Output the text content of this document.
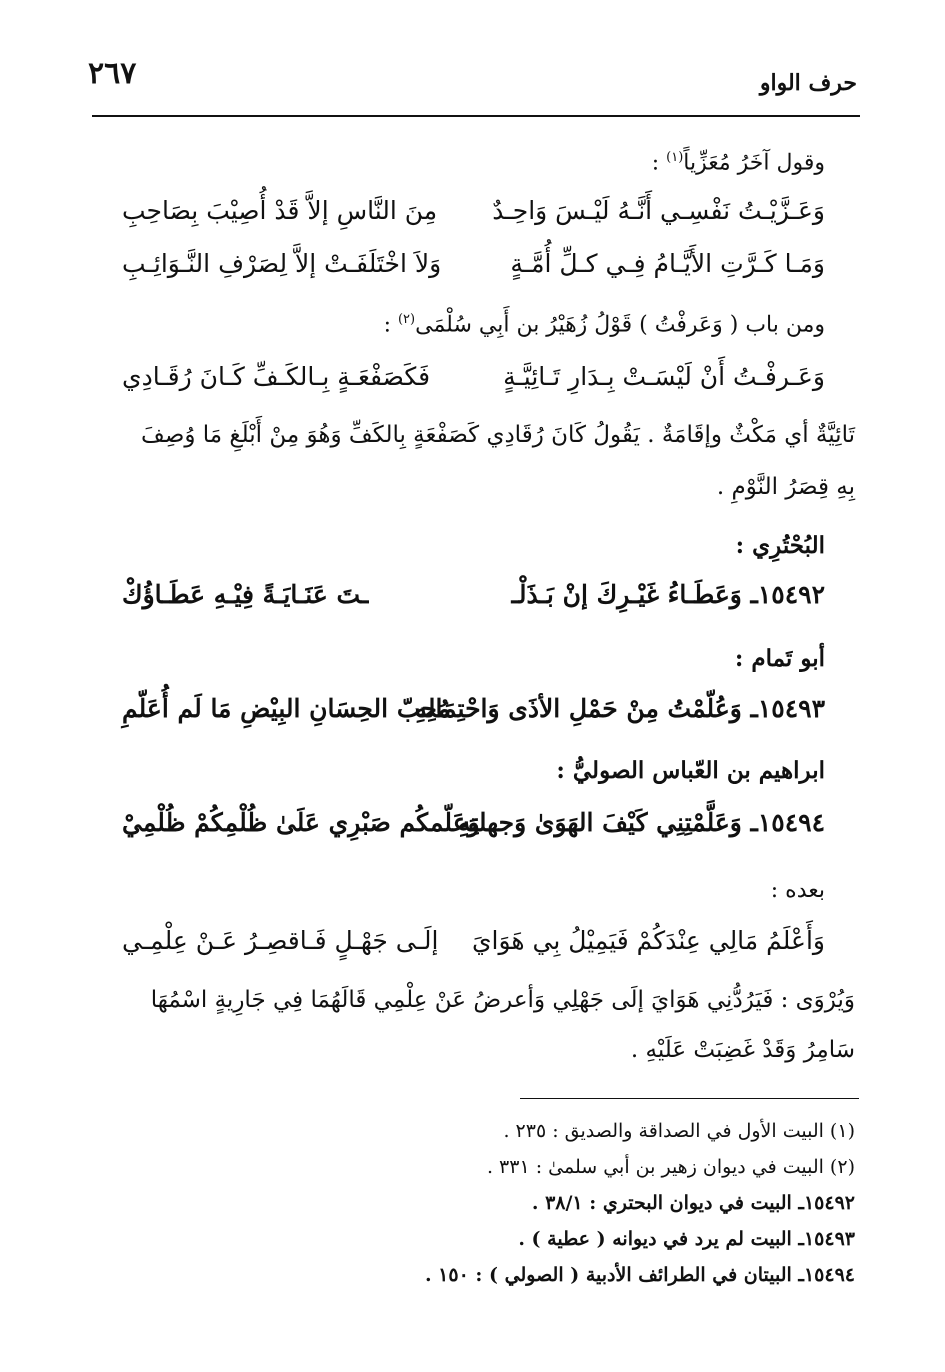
٢٦٧	حرف الواو
وقول آخَرُ مُعَزِّياً$^{(١)}$ :
وَعَـزَّيْـتُ نَفْسِـي أَنَّـهُ لَيْـسَ وَاحِـدٌ
مِنَ النَّاسِ إلاَّ قَدْ أُصِيْبَ بِصَاحِبِ
وَمَـا كَـرَّتِ الأَيَّـامُ فِـي كـلِّ أُمَّـةٍ
وَلاَ اخْتَلَفَـتْ إلاَّ لِصَرْفِ النَّـوَائِـبِ
ومن باب ( وَعَرفْتُ ) قَوْلُ زُهَيْرُ بن أَبِي سُلْمَى$^{(٢)}$ :
وَعَـرفْـتُ أَنْ لَيْسَـتْ بِـدَارِ تَـائِيَّـةٍ
فَكَصَفْعَـةٍ بِـالكَـفِّ كَـانَ رُقَـادِي
تَائِيَّةٌ أي مَكْثٌ وإقَامَةٌ . يَقُولُ كَانَ رُقَادِي كَصَفْعَةٍ بِالكَفِّ وَهُوَ مِنْ أَبْلَغِ مَا وُصِفَ
بِهِ قِصَرُ النَّوْمِ .
البُحْتُرِي :
١٥٤٩٢ـ وَعَطَـاءُ غَيْـرِكَ إنْ بَـذَلْـ
ـتَ عَنَـايَـةً فِيْـهِ عَطَـاؤُكْ
أبو تَمام :
١٥٤٩٣ـ وَعُلّمْتُ مِنْ حَمْلِ الأذَى وَاحْتِمَالِهِ
مُحبّ الحِسَانِ البِيْضِ مَا لَم أُعَلّمِ
ابراهيم بن العّباس الصوليُّ :
١٥٤٩٤ـ وَعَلَّمْتِنِي كَيْفَ الهَوَىٰ وَجهلتِهِ
وَعَلّمكُم صَبْرِي عَلَىٰ ظُلْمِكُمْ ظُلْمِيْ
بعده :
وَأَعْلَمُ مَالِي عِنْدَكُمْ فَيَمِيْلُ بِي هَوَايَ
إلَـى جَهْـلٍ فَـاقصِـرُ عَـنْ عِلْمِـي
وَيُرْوَى : فَيَرُدُّنِي هَوَايَ إلَى جَهْلِي وَأعرضُ عَنْ عِلْمِي قَالَهُمَا فِي جَارِيةٍ اسْمُهَا
سَامِرُ وَقَدْ غَضِبَتْ عَلَيْهِ .
(١) البيت الأول في الصداقة والصديق : ٢٣٥ .
(٢) البيت في ديوان زهير بن أبي سلمىٰ : ٣٣١ .
١٥٤٩٢ـ البيت في ديوان البحتري : ٣٨/١ .
١٥٤٩٣ـ البيت لم يرد في ديوانه ( عطية ) .
١٥٤٩٤ـ البيتان في الطرائف الأدبية ( الصولي ) : ١٥٠ .
